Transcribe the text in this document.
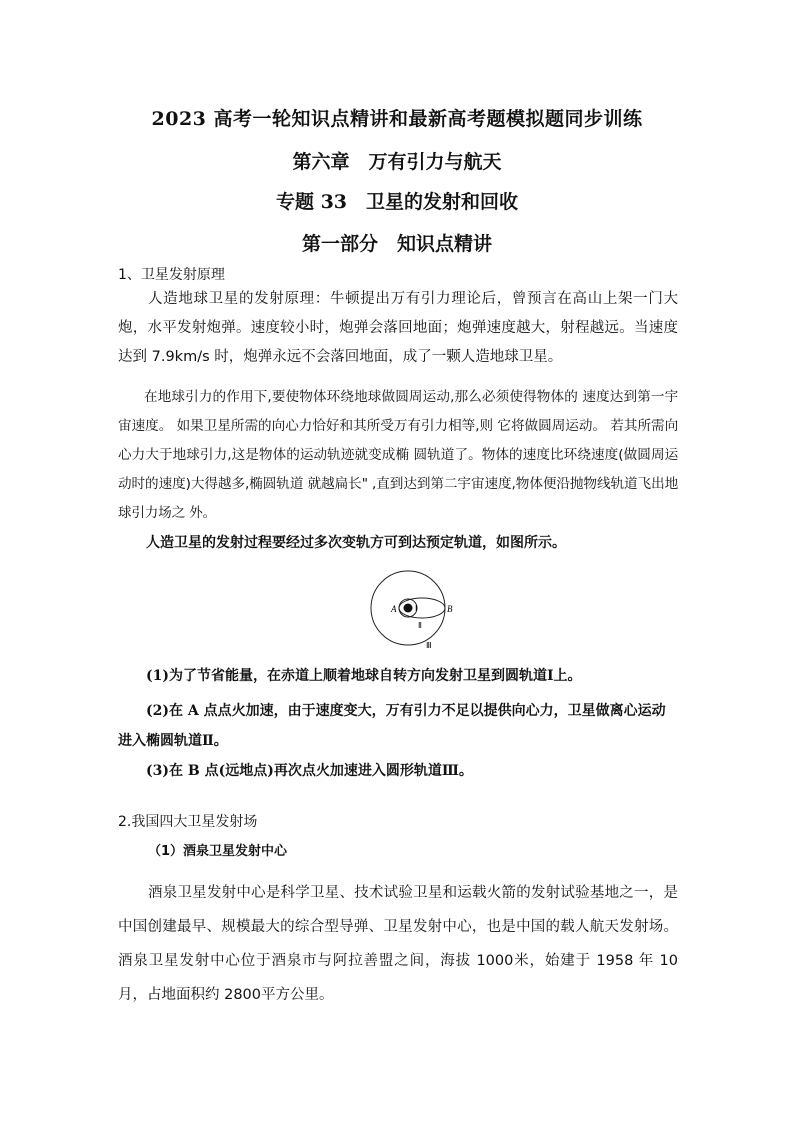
2023 高考一轮知识点精讲和最新高考题模拟题同步训练
第六章　万有引力与航天
专题 33　卫星的发射和回收
第一部分　知识点精讲
1、卫星发射原理
人造地球卫星的发射原理：牛顿提出万有引力理论后，曾预言在高山上架一门大炮，水平发射炮弹。速度较小时，炮弹会落回地面；炮弹速度越大，射程越远。当速度达到 7.9km/s 时，炮弹永远不会落回地面，成了一颗人造地球卫星。
在地球引力的作用下,要使物体环绕地球做圆周运动,那么必须使得物体的 速度达到第一宇宙速度。 如果卫星所需的向心力恰好和其所受万有引力相等,则 它将做圆周运动。 若其所需向心力大于地球引力,这是物体的运动轨迹就变成椭 圆轨道了。物体的速度比环绕速度(做圆周运动时的速度)大得越多,椭圆轨道 就越扁长" ,直到达到第二宇宙速度,物体便沿抛物线轨道飞出地球引力场之 外。
人造卫星的发射过程要经过多次变轨方可到达预定轨道，如图所示。
A	B
Ⅰ
Ⅱ
Ⅲ
(1)为了节省能量，在赤道上顺着地球自转方向发射卫星到圆轨道Ⅰ上。
(2)在 A 点点火加速，由于速度变大，万有引力不足以提供向心力，卫星做离心运动进入椭圆轨道Ⅱ。
(3)在 B 点(远地点)再次点火加速进入圆形轨道Ⅲ。
2.我国四大卫星发射场
（1）酒泉卫星发射中心
酒泉卫星发射中心是科学卫星、技术试验卫星和运载火箭的发射试验基地之一，是中国创建最早、规模最大的综合型导弹、卫星发射中心，也是中国的载人航天发射场。酒泉卫星发射中心位于酒泉市与阿拉善盟之间，海拔 1000米，始建于 1958 年 10 月，占地面积约 2800平方公里。
